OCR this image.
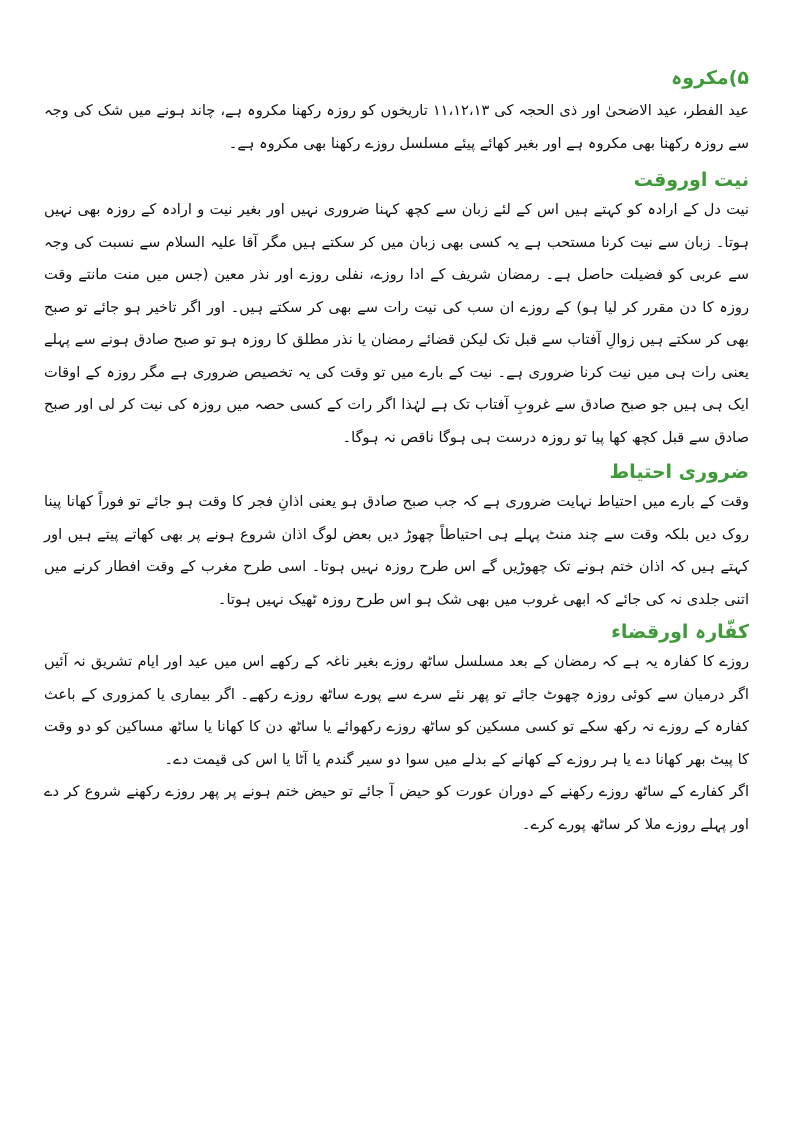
۵)مکروہ

عید الفطر، عید الاضحیٰ اور ذی الحجہ کی ۱۱،۱۲،۱۳ تاریخوں کو روزہ رکھنا مکروہ ہے، چاند ہونے میں شک کی وجہ سے روزہ رکھنا بھی مکروہ ہے اور بغیر کھائے پیئے مسلسل روزے رکھنا بھی مکروہ ہے۔

نیت اوروقت

نیت دل کے ارادہ کو کہتے ہیں اس کے لئے زبان سے کچھ کہنا ضروری نہیں اور بغیر نیت و ارادہ کے روزہ بھی نہیں ہوتا۔ زبان سے نیت کرنا مستحب ہے یہ کسی بھی زبان میں کر سکتے ہیں مگر آقا علیہ السلام سے نسبت کی وجہ سے عربی کو فضیلت حاصل ہے۔ رمضان شریف کے ادا روزے، نفلی روزے اور نذر معین (جس میں منت مانتے وقت روزہ کا دن مقرر کر لیا ہو) کے روزے ان سب کی نیت رات سے بھی کر سکتے ہیں۔ اور اگر تاخیر ہو جائے تو صبح بھی کر سکتے ہیں زوالِ آفتاب سے قبل تک لیکن قضائے رمضان یا نذر مطلق کا روزہ ہو تو صبح صادق ہونے سے پہلے یعنی رات ہی میں نیت کرنا ضروری ہے۔ نیت کے بارے میں تو وقت کی یہ تخصیص ضروری ہے مگر روزہ کے اوقات ایک ہی ہیں جو صبح صادق سے غروبِ آفتاب تک ہے لہٰذا اگر رات کے کسی حصہ میں روزہ کی نیت کر لی اور صبح صادق سے قبل کچھ کھا پیا تو روزہ درست ہی ہوگا ناقص نہ ہوگا۔

ضروری احتیاط

وقت کے بارے میں احتیاط نہایت ضروری ہے کہ جب صبح صادق ہو یعنی اذانِ فجر کا وقت ہو جائے تو فوراً کھانا پینا روک دیں بلکہ وقت سے چند منٹ پہلے ہی احتیاطاً چھوڑ دیں بعض لوگ اذان شروع ہونے پر بھی کھاتے پیتے ہیں اور کہتے ہیں کہ اذان ختم ہونے تک چھوڑیں گے اس طرح روزہ نہیں ہوتا۔ اسی طرح مغرب کے وقت افطار کرنے میں اتنی جلدی نہ کی جائے کہ ابھی غروب میں بھی شک ہو اس طرح روزہ ٹھیک نہیں ہوتا۔

کفّارہ اورقضاء

روزے کا کفارہ یہ ہے کہ رمضان کے بعد مسلسل ساٹھ روزے بغیر ناغہ کے رکھے اس میں عید اور ایام تشریق نہ آئیں اگر درمیان سے کوئی روزہ چھوٹ جائے تو پھر نئے سرے سے پورے ساٹھ روزے رکھے۔ اگر بیماری یا کمزوری کے باعث کفارہ کے روزے نہ رکھ سکے تو کسی مسکین کو ساٹھ روزے رکھوائے یا ساٹھ دن کا کھانا یا ساٹھ مساکین کو دو وقت کا پیٹ بھر کھانا دے یا ہر روزے کے کھانے کے بدلے میں سوا دو سیر گندم یا آٹا یا اس کی قیمت دے۔

اگر کفارے کے ساٹھ روزے رکھنے کے دوران عورت کو حیض آ جائے تو حیض ختم ہونے پر پھر روزے رکھنے شروع کر دے اور پہلے روزے ملا کر ساٹھ پورے کرے۔
